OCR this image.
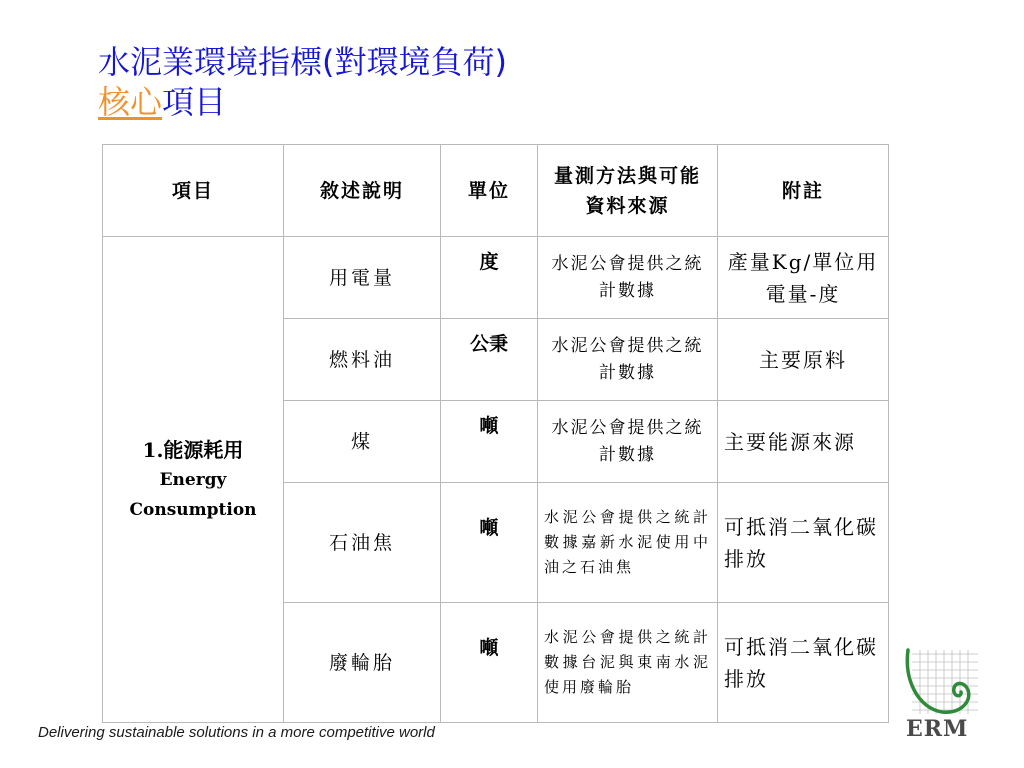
水泥業環境指標(對環境負荷)
核心項目
項目	敘述說明	單位	量測方法與可能資料來源	附註

1.能源耗用
Energy
Consumption	用電量	度	水泥公會提供之統計數據	產量Kg/單位用電量-度
	燃料油	公秉	水泥公會提供之統計數據	主要原料
	煤	噸	水泥公會提供之統計數據	主要能源來源
	石油焦	噸	水泥公會提供之統計數據嘉新水泥使用中油之石油焦	可抵消二氧化碳排放
	廢輪胎	噸	水泥公會提供之統計數據台泥與東南水泥使用廢輪胎	可抵消二氧化碳排放
Delivering sustainable solutions in a more competitive world	ERM
